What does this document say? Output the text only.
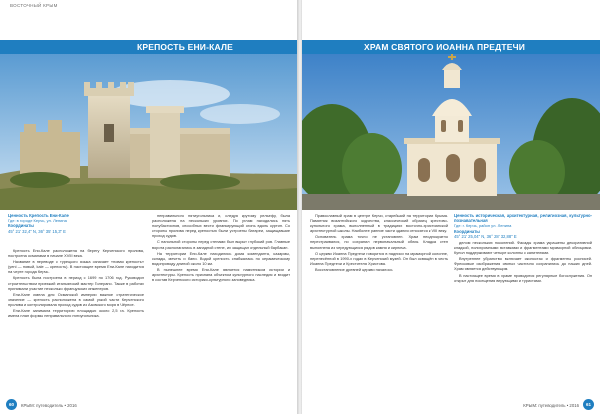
ВОСТОЧНЫЙ КРЫМ
КРЕПОСТЬ ЕНИ-КАЛЕ
Ценность Крепость Ени-Кале
Где: в городе Керчь, ул. Ленина
Координаты
45° 21' 32,4" N, 36° 35' 15,3" E

Крепость Ени-Кале расположена на берегу Керченского пролива, построена османами в начале XVIII века.

Название в переводе с турецкого языка означает «новая крепость» (yeni — новый, kale — крепость). В настоящее время Ени-Кале находится на черте города Керчь.

Крепость была построена в период с 1699 по 1706 год. Руководил строительством приезжий итальянский мастер Голерано. Также в работах принимали участие несколько французских инженеров.

Ени-Кале имела для Османской империи важное стратегическое значение — крепость расположена в самой узкой части Керченского пролива и контролировала проход судов из Азовского моря в Чёрное.

Ени-Кале занимала территорию площадью около 2,5 га. Крепость имела план формы неправильного пятиугольника.

неправильного пятиугольника и, следуя крутому рельефу, была расположена на нескольких уровнях. По углам находились пять полубастионов, способных вести фланкирующий огонь вдоль куртин. Со стороны пролива перед крепостью были устроены батареи, защищавшие проход судов.

С напольной стороны перед стенами был вырыт глубокий ров. Главные ворота располагались в западной стене, их защищал отдельный барбакан.

На территории Ени-Кале находились дома коменданта, казармы, склады, мечеть и бани. Водой крепость снабжалась по керамическому водопроводу длиной около 10 км.

В нынешнее время Ени-Кале является памятником истории и архитектуры. Крепость признана объектом культурного наследия и входит в состав Керченского историко-культурного заповедника.

60	КРЫМ: путеводитель • 2016
ХРАМ СВЯТОГО ИОАННА ПРЕДТЕЧИ

Православный храм в центре Керчи, старейший на территории Крыма. Памятник византийского зодчества, классический образец крестово-купольного храма, выполненный в традициях восточно-христианской архитектурной школы. Наиболее ранние части здания относятся к VIII веку.

Основатель храма точно не установлен. Храм неоднократно перестраивался, но сохранил первоначальный облик. Кладка стен выполнена из чередующихся рядов камня и кирпича.

О церкви Иоанна Предтечи говорится в надписи на мраморной колонне, перенесённой в 1990-х годах в Керченский музей. Он был освящён в честь Иоанна Предтечи и Крестителя Христова.

Восстановление древней церкви началось

Ценность историческая, архитектурная, религиозная, культурно-познавательная
Где: г. Керчь, район ул. Ленина
Координаты
45° 21' 25,04" N, 36° 28' 32,88" E

делом нескольких поколений. Фасады храма украшены декоративной кладкой, полихромными вставками и фрагментами мраморной облицовки. Купол поддерживают четыре колонны с капителями.

Внутреннее убранство включает иконостас и фрагменты росписей. Фресковые изображения святых частично сохранились до наших дней. Храм является действующим.

В настоящее время в храме проводятся регулярные богослужения. Он открыт для посещения верующими и туристами.

КРЫМ: путеводитель • 2016	61
